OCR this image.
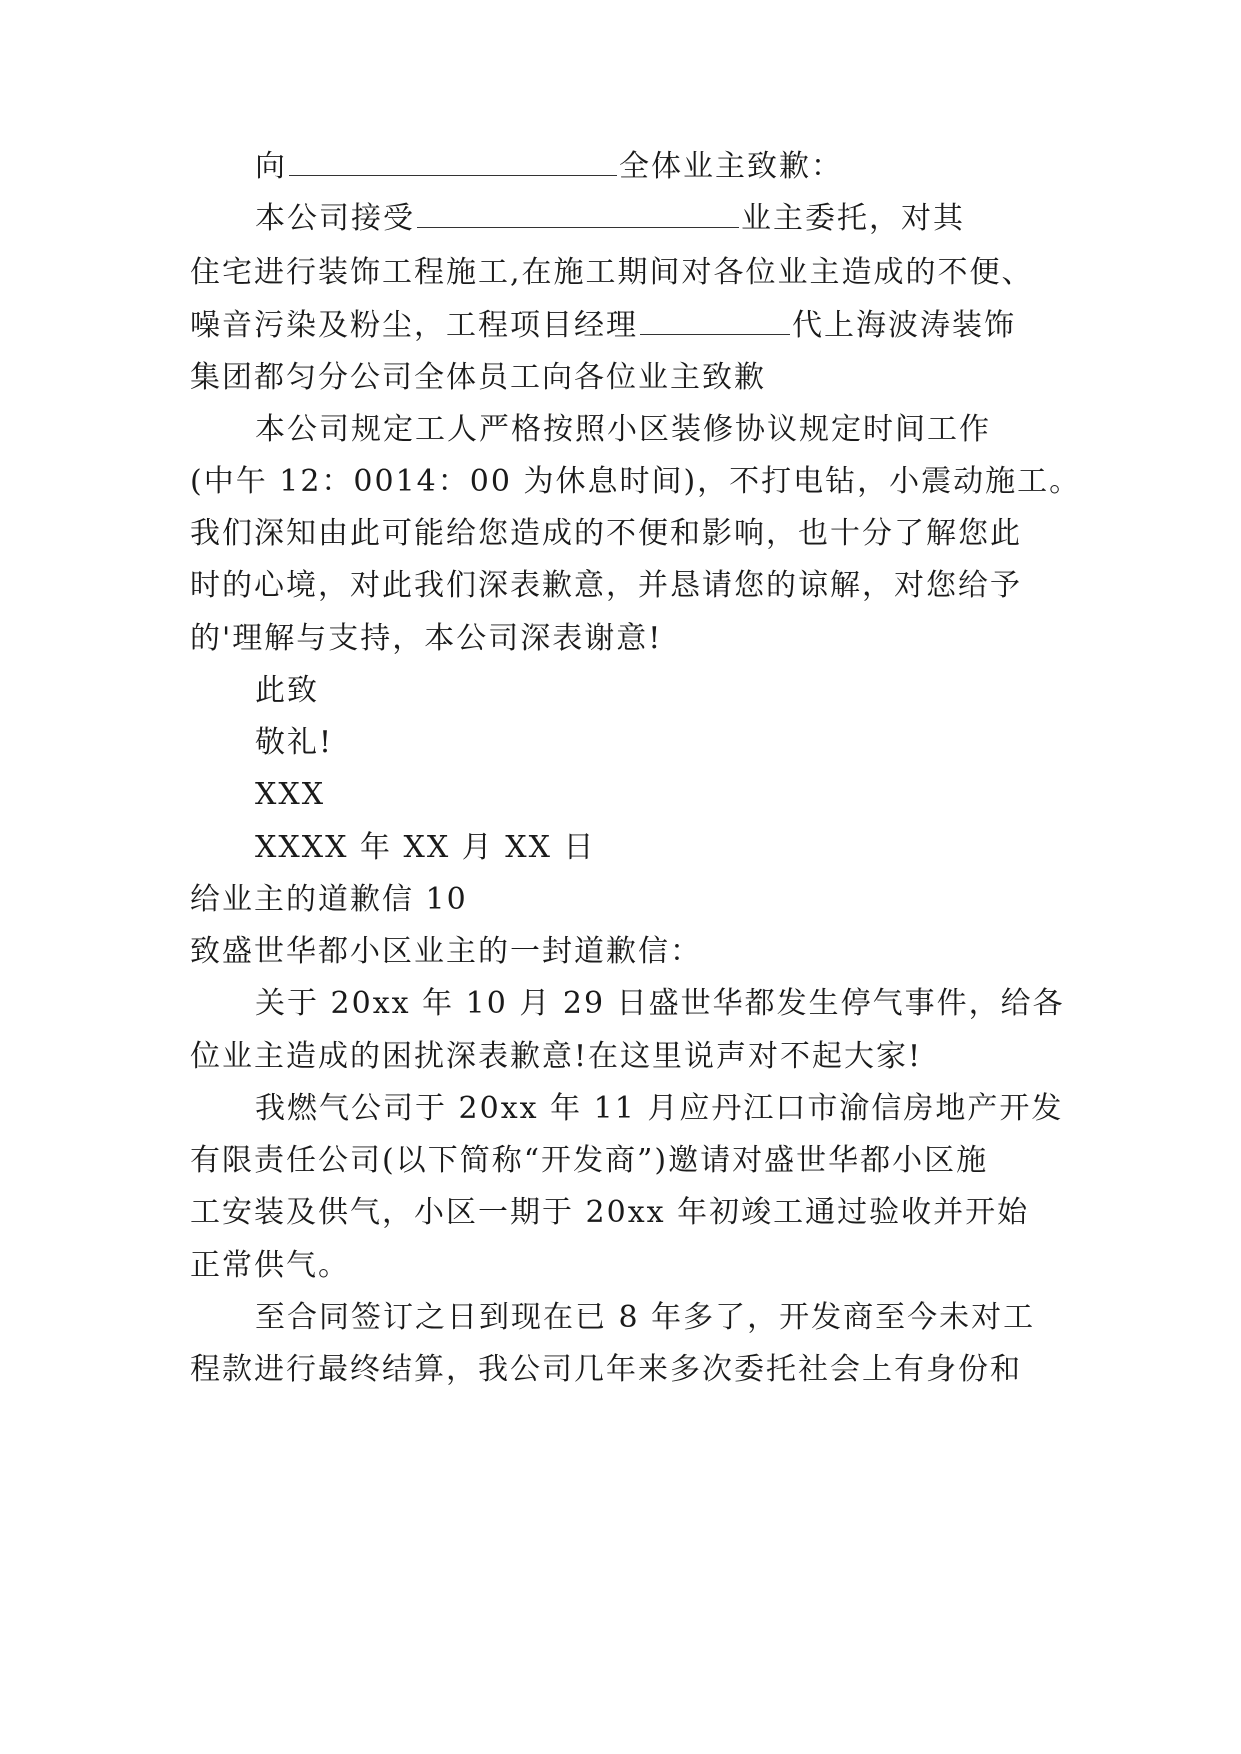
向	全体业主致歉：
本公司接受	业主委托，对其
住宅进行装饰工程施工,在施工期间对各位业主造成的不便、
噪音污染及粉尘，工程项目经理	代上海波涛装饰
集团都匀分公司全体员工向各位业主致歉
本公司规定工人严格按照小区装修协议规定时间工作
(中午 12：0014：00 为休息时间)，不打电钻，小震动施工。
我们深知由此可能给您造成的不便和影响，也十分了解您此
时的心境，对此我们深表歉意，并恳请您的谅解，对您给予
的'理解与支持，本公司深表谢意!
此致
敬礼!
XXX
XXXX 年 XX 月 XX 日
给业主的道歉信 10
致盛世华都小区业主的一封道歉信：
关于 20xx 年 10 月 29 日盛世华都发生停气事件，给各
位业主造成的困扰深表歉意!在这里说声对不起大家!
我燃气公司于 20xx 年 11 月应丹江口市渝信房地产开发
有限责任公司(以下简称“开发商”)邀请对盛世华都小区施
工安装及供气，小区一期于 20xx 年初竣工通过验收并开始
正常供气。
至合同签订之日到现在已 8 年多了，开发商至今未对工
程款进行最终结算，我公司几年来多次委托社会上有身份和
